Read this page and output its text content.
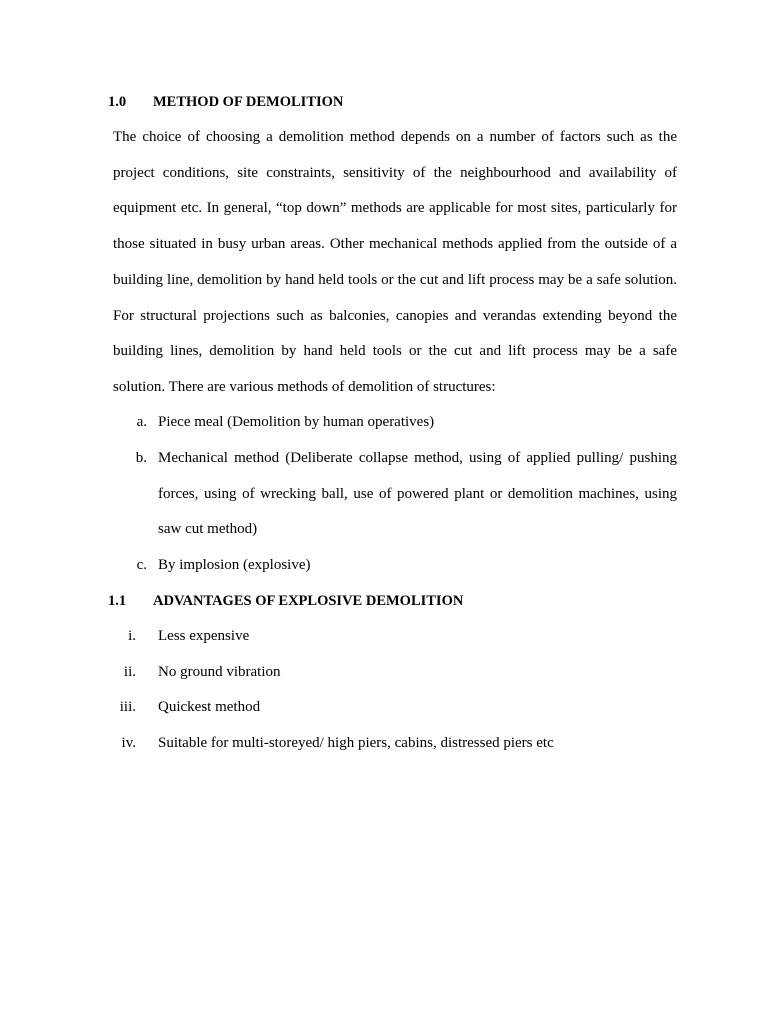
1.0 METHOD OF DEMOLITION

The choice of choosing a demolition method depends on a number of factors such as the project conditions, site constraints, sensitivity of the neighbourhood and availability of equipment etc. In general, “top down” methods are applicable for most sites, particularly for those situated in busy urban areas. Other mechanical methods applied from the outside of a building line, demolition by hand held tools or the cut and lift process may be a safe solution. For structural projections such as balconies, canopies and verandas extending beyond the building lines, demolition by hand held tools or the cut and lift process may be a safe solution. There are various methods of demolition of structures:

a. Piece meal (Demolition by human operatives)
b. Mechanical method (Deliberate collapse method, using of applied pulling/ pushing forces, using of wrecking ball, use of powered plant or demolition machines, using saw cut method)
c. By implosion (explosive)
1.1 ADVANTAGES OF EXPLOSIVE DEMOLITION
i. Less expensive
ii. No ground vibration
iii. Quickest method
iv. Suitable for multi-storeyed/ high piers, cabins, distressed piers etc
